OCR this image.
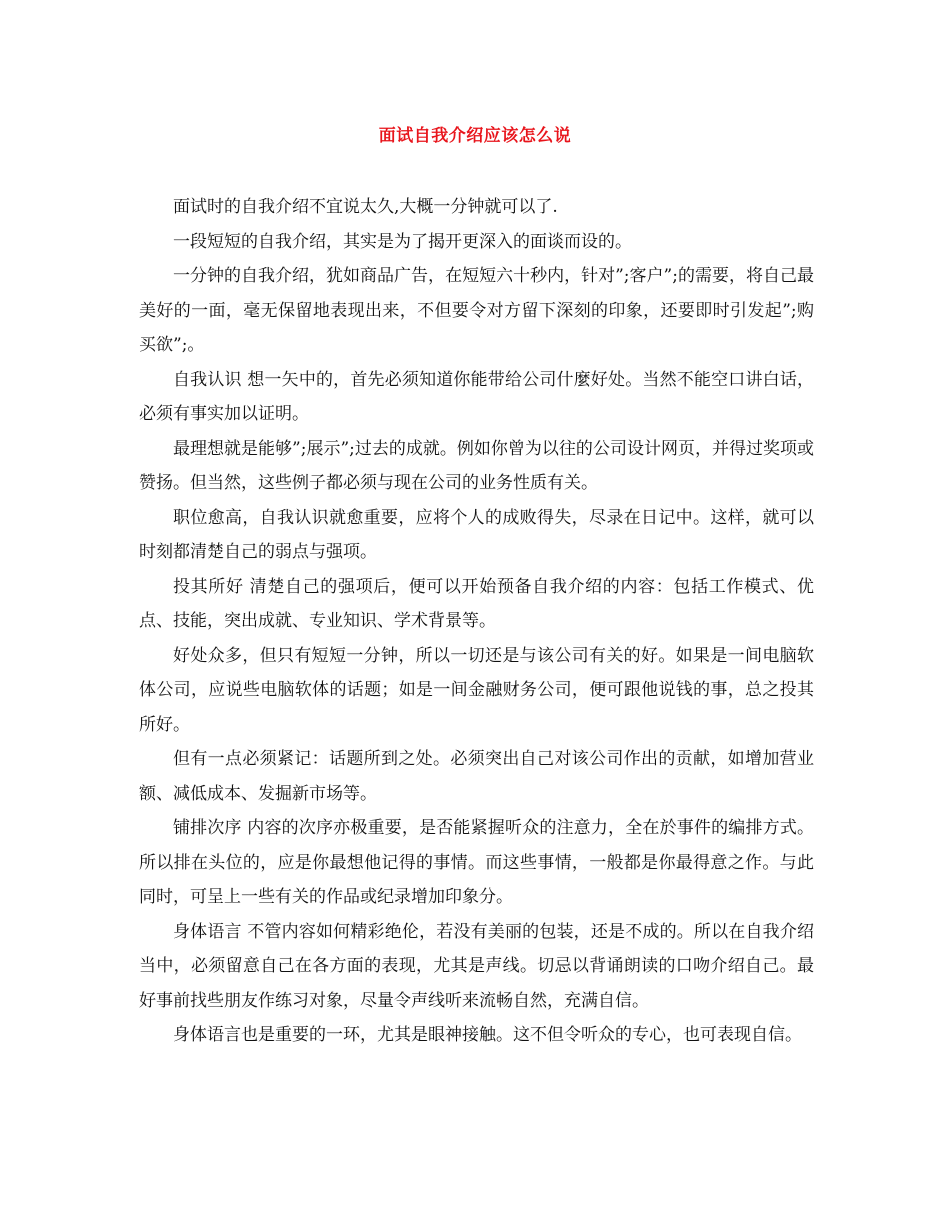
面试自我介绍应该怎么说

面试时的自我介绍不宜说太久,大概一分钟就可以了.

一段短短的自我介绍，其实是为了揭开更深入的面谈而设的。

一分钟的自我介绍，犹如商品广告，在短短六十秒内，针对”;客户”;的需要，将自己最美好的一面，毫无保留地表现出来，不但要令对方留下深刻的印象，还要即时引发起”;购买欲”;。

自我认识 想一矢中的，首先必须知道你能带给公司什麼好处。当然不能空口讲白话，必须有事实加以证明。

最理想就是能够”;展示”;过去的成就。例如你曾为以往的公司设计网页，并得过奖项或赞扬。但当然，这些例子都必须与现在公司的业务性质有关。

职位愈高，自我认识就愈重要，应将个人的成败得失，尽录在日记中。这样，就可以时刻都清楚自己的弱点与强项。

投其所好 清楚自己的强项后，便可以开始预备自我介绍的内容：包括工作模式、优点、技能，突出成就、专业知识、学术背景等。

好处众多，但只有短短一分钟，所以一切还是与该公司有关的好。如果是一间电脑软体公司，应说些电脑软体的话题；如是一间金融财务公司，便可跟他说钱的事，总之投其所好。

但有一点必须紧记：话题所到之处。必须突出自己对该公司作出的贡献，如增加营业额、减低成本、发掘新市场等。

铺排次序 内容的次序亦极重要，是否能紧握听众的注意力，全在於事件的编排方式。所以排在头位的，应是你最想他记得的事情。而这些事情，一般都是你最得意之作。与此同时，可呈上一些有关的作品或纪录增加印象分。

身体语言 不管内容如何精彩绝伦，若没有美丽的包装，还是不成的。所以在自我介绍当中，必须留意自己在各方面的表现，尤其是声线。切忌以背诵朗读的口吻介绍自己。最好事前找些朋友作练习对象，尽量令声线听来流畅自然，充满自信。

身体语言也是重要的一环，尤其是眼神接触。这不但令听众的专心，也可表现自信。
